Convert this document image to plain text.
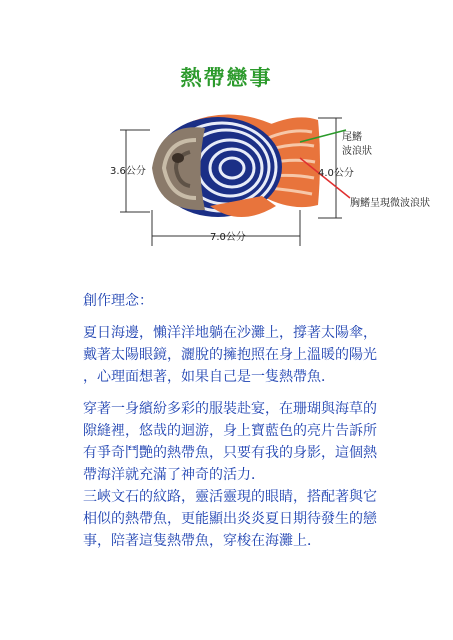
熱帶戀事
3.6公分
7.0公分
4.0公分
尾鰭
波浪狀
胸鰭呈現微波浪狀
創作理念：
夏日海邊，懶洋洋地躺在沙灘上，撐著太陽傘，
戴著太陽眼鏡，灑脫的擁抱照在身上溫暖的陽光
，心理面想著，如果自己是一隻熱帶魚．
穿著一身繽紛多彩的服裝赴宴，在珊瑚與海草的
隙縫裡，悠哉的迴游，身上寶藍色的亮片告訴所
有爭奇鬥艷的熱帶魚，只要有我的身影，這個熱
帶海洋就充滿了神奇的活力．
三峽文石的紋路，靈活靈現的眼睛，搭配著與它
相似的熱帶魚，更能顯出炎炎夏日期待發生的戀
事，陪著這隻熱帶魚，穿梭在海灘上．
